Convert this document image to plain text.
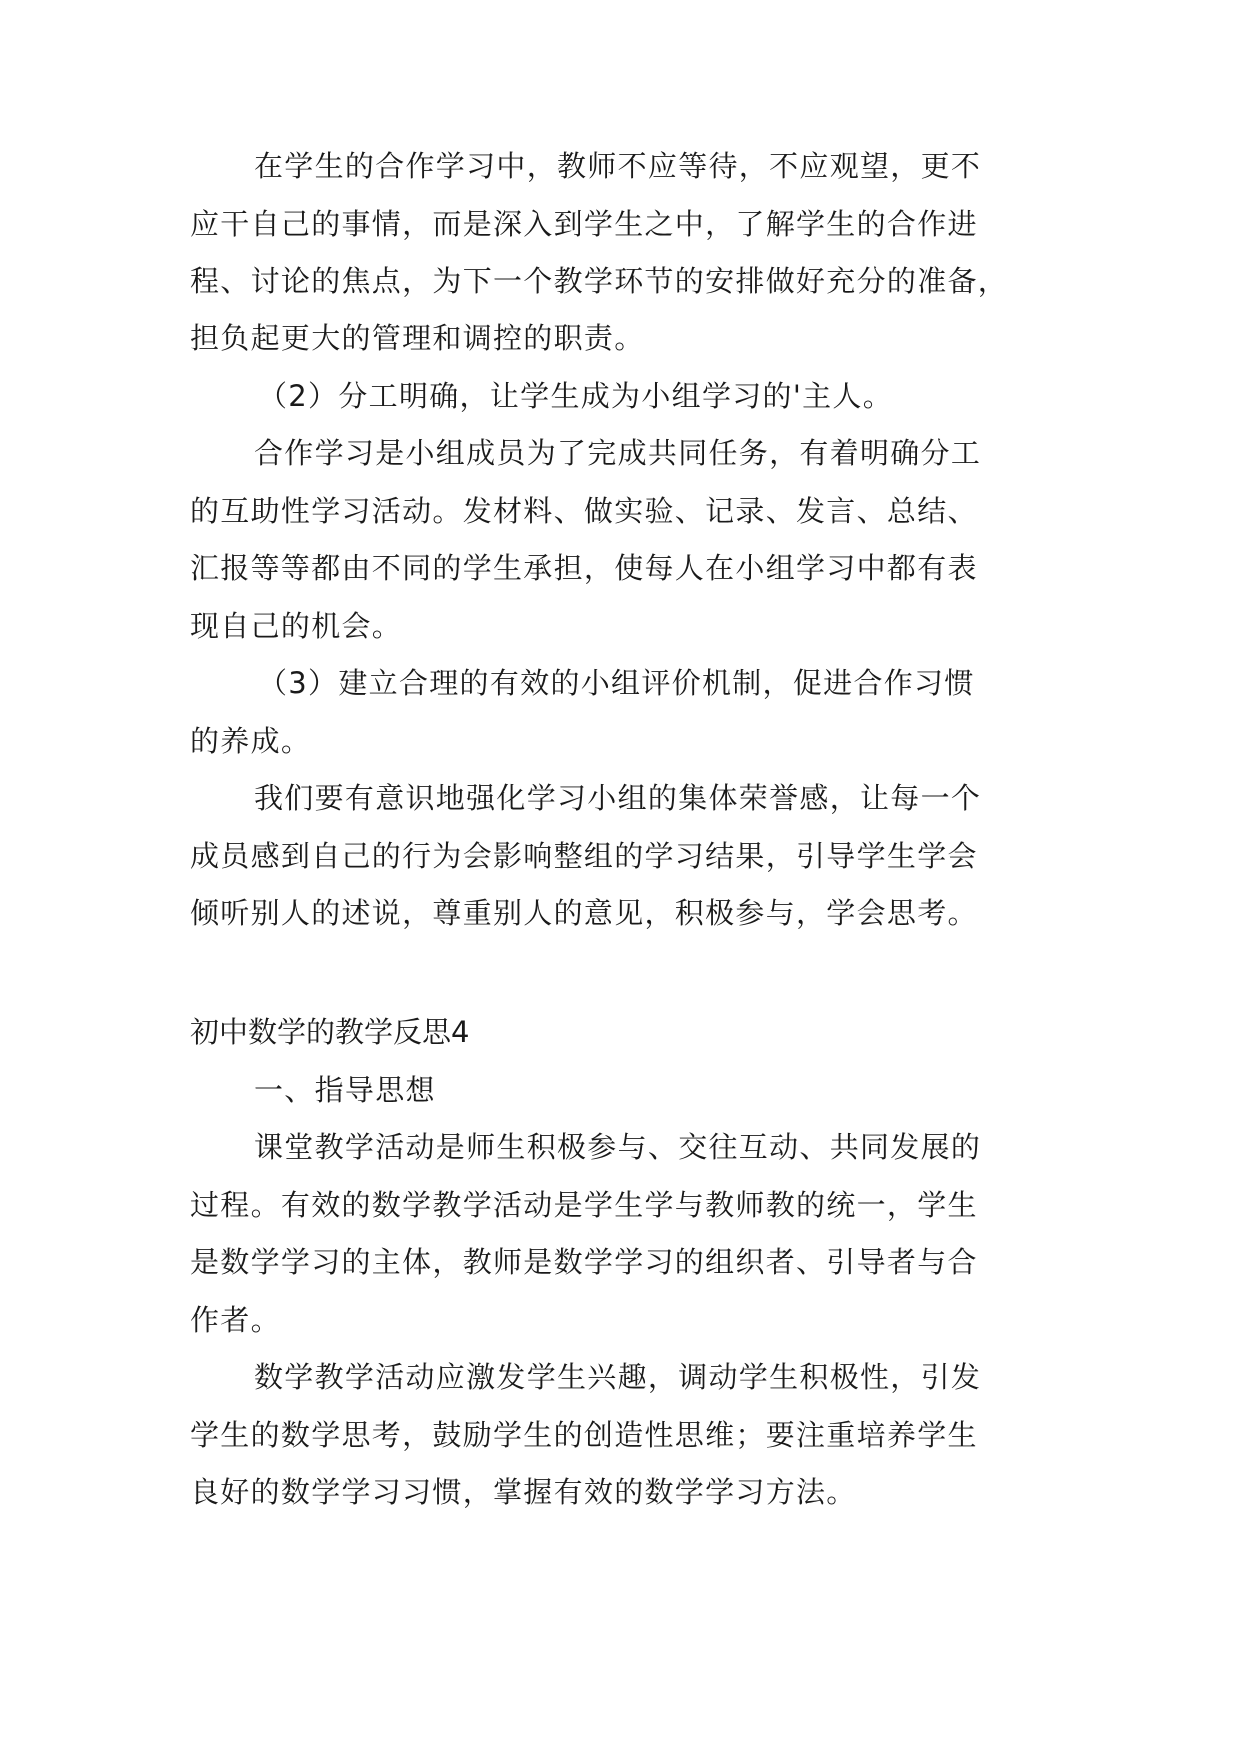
在学生的合作学习中，教师不应等待，不应观望，更不
应干自己的事情，而是深入到学生之中，了解学生的合作进
程、讨论的焦点，为下一个教学环节的安排做好充分的准备，
担负起更大的管理和调控的职责。
（2）分工明确，让学生成为小组学习的'主人。
合作学习是小组成员为了完成共同任务，有着明确分工
的互助性学习活动。发材料、做实验、记录、发言、总结、
汇报等等都由不同的学生承担，使每人在小组学习中都有表
现自己的机会。
（3）建立合理的有效的小组评价机制，促进合作习惯
的养成。
我们要有意识地强化学习小组的集体荣誉感，让每一个
成员感到自己的行为会影响整组的学习结果，引导学生学会
倾听别人的述说，尊重别人的意见，积极参与，学会思考。
初中数学的教学反思4
一、指导思想
课堂教学活动是师生积极参与、交往互动、共同发展的
过程。有效的数学教学活动是学生学与教师教的统一，学生
是数学学习的主体，教师是数学学习的组织者、引导者与合
作者。
数学教学活动应激发学生兴趣，调动学生积极性，引发
学生的数学思考，鼓励学生的创造性思维；要注重培养学生
良好的数学学习习惯，掌握有效的数学学习方法。
